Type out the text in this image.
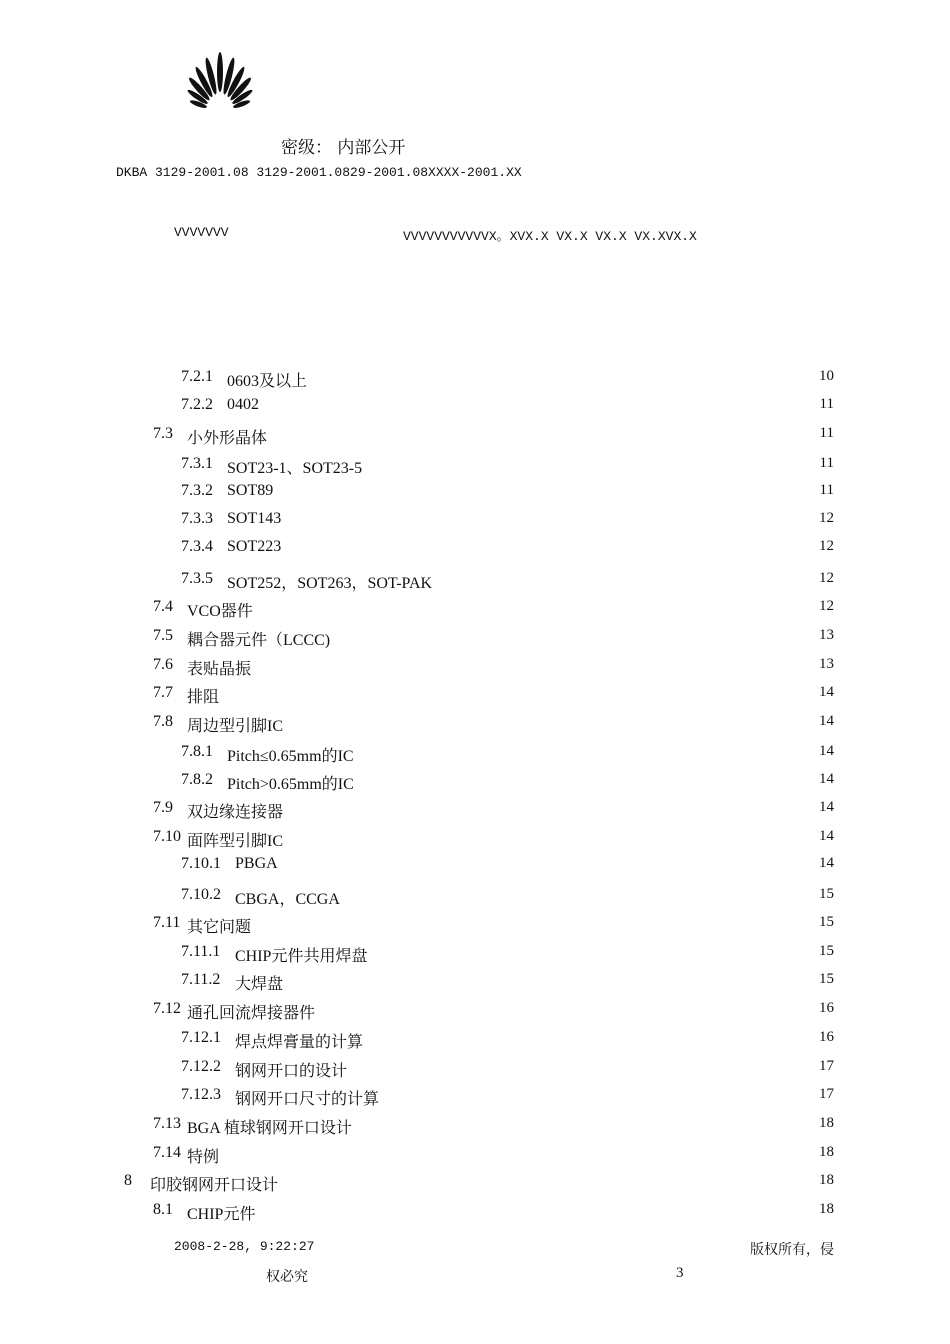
密级： 内部公开
DKBA 3129-2001.08 3129-2001.0829-2001.08XXXX-2001.XX
VVVVVVV	VVVVVVVVVVVX。XVX.X VX.X VX.X VX.XVX.X
7.2.1 0603及以上	10
7.2.2 0402	11
7.3 小外形晶体	11
7.3.1 SOT23-1、SOT23-5	11
7.3.2 SOT89	11
7.3.3 SOT143	12
7.3.4 SOT223	12
7.3.5 SOT252，SOT263，SOT-PAK	12
7.4 VCO器件	12
7.5 耦合器元件（LCCC)	13
7.6 表贴晶振	13
7.7 排阻	14
7.8 周边型引脚IC	14
7.8.1 Pitch≤0.65mm的IC	14
7.8.2 Pitch>0.65mm的IC	14
7.9 双边缘连接器	14
7.10 面阵型引脚IC	14
7.10.1 PBGA	14
7.10.2 CBGA，CCGA	15
7.11 其它问题	15
7.11.1 CHIP元件共用焊盘	15
7.11.2 大焊盘	15
7.12 通孔回流焊接器件	16
7.12.1 焊点焊膏量的计算	16
7.12.2 钢网开口的设计	17
7.12.3 钢网开口尺寸的计算	17
7.13 BGA 植球钢网开口设计	18
7.14 特例	18
8 印胶钢网开口设计	18
8.1 CHIP元件	18
2008-2-28, 9:22:27	版权所有，侵
权必究	3
